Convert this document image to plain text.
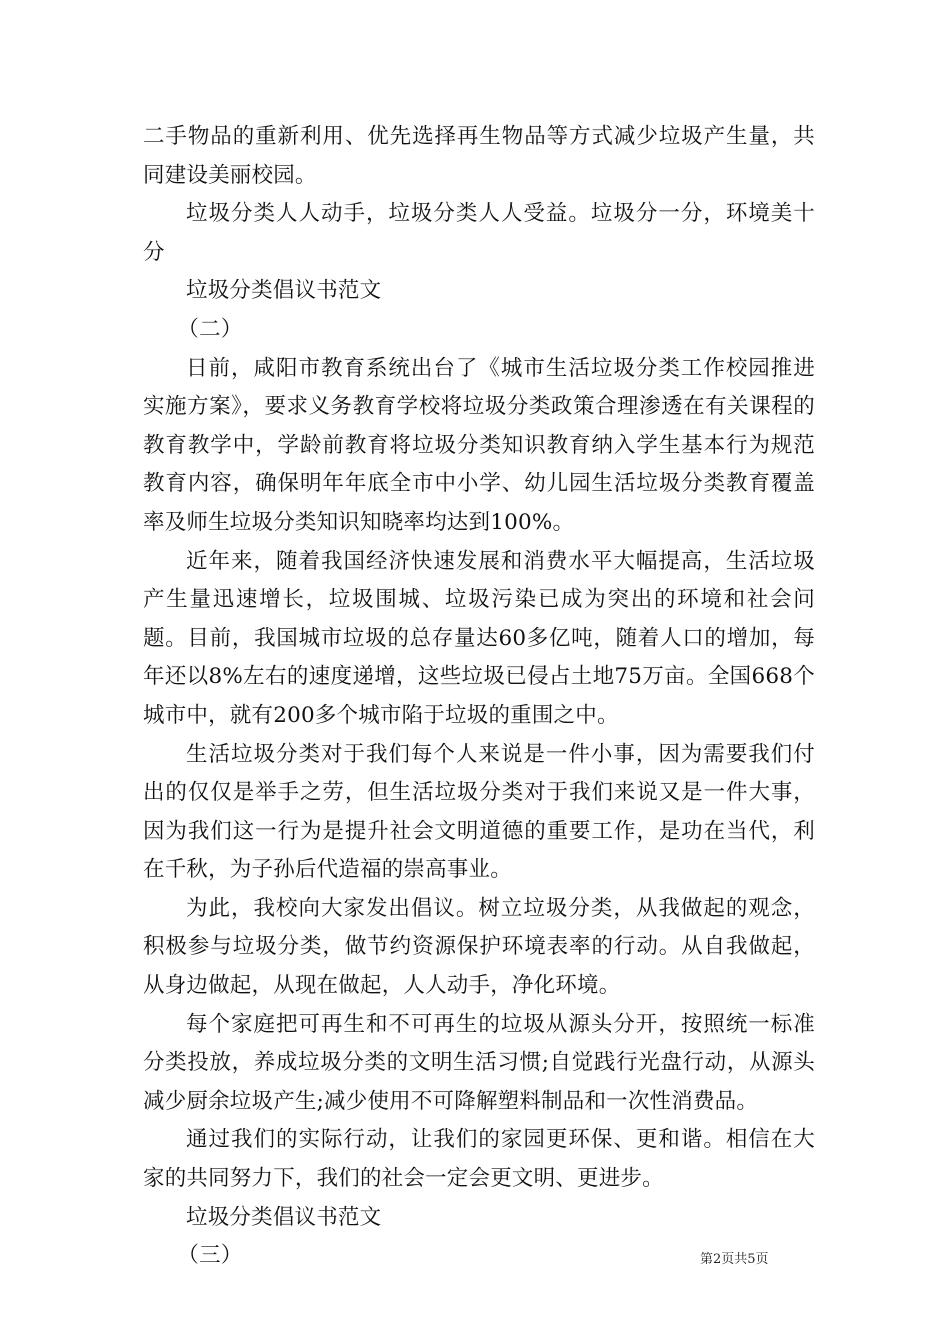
二手物品的重新利用、优先选择再生物品等方式减少垃圾产生量，共同建设美丽校园。

垃圾分类人人动手，垃圾分类人人受益。垃圾分一分，环境美十分

垃圾分类倡议书范文

（二）

日前，咸阳市教育系统出台了《城市生活垃圾分类工作校园推进实施方案》，要求义务教育学校将垃圾分类政策合理渗透在有关课程的教育教学中，学龄前教育将垃圾分类知识教育纳入学生基本行为规范教育内容，确保明年年底全市中小学、幼儿园生活垃圾分类教育覆盖率及师生垃圾分类知识知晓率均达到100%。

近年来，随着我国经济快速发展和消费水平大幅提高，生活垃圾产生量迅速增长，垃圾围城、垃圾污染已成为突出的环境和社会问题。目前，我国城市垃圾的总存量达60多亿吨，随着人口的增加，每年还以8%左右的速度递增，这些垃圾已侵占土地75万亩。全国668个城市中，就有200多个城市陷于垃圾的重围之中。

生活垃圾分类对于我们每个人来说是一件小事，因为需要我们付出的仅仅是举手之劳，但生活垃圾分类对于我们来说又是一件大事，因为我们这一行为是提升社会文明道德的重要工作，是功在当代，利在千秋，为子孙后代造福的崇高事业。

为此，我校向大家发出倡议。树立垃圾分类，从我做起的观念，积极参与垃圾分类，做节约资源保护环境表率的行动。从自我做起，从身边做起，从现在做起，人人动手，净化环境。

每个家庭把可再生和不可再生的垃圾从源头分开，按照统一标准分类投放，养成垃圾分类的文明生活习惯;自觉践行光盘行动，从源头减少厨余垃圾产生;减少使用不可降解塑料制品和一次性消费品。

通过我们的实际行动，让我们的家园更环保、更和谐。相信在大家的共同努力下，我们的社会一定会更文明、更进步。

垃圾分类倡议书范文

（三）	第2页共5页
